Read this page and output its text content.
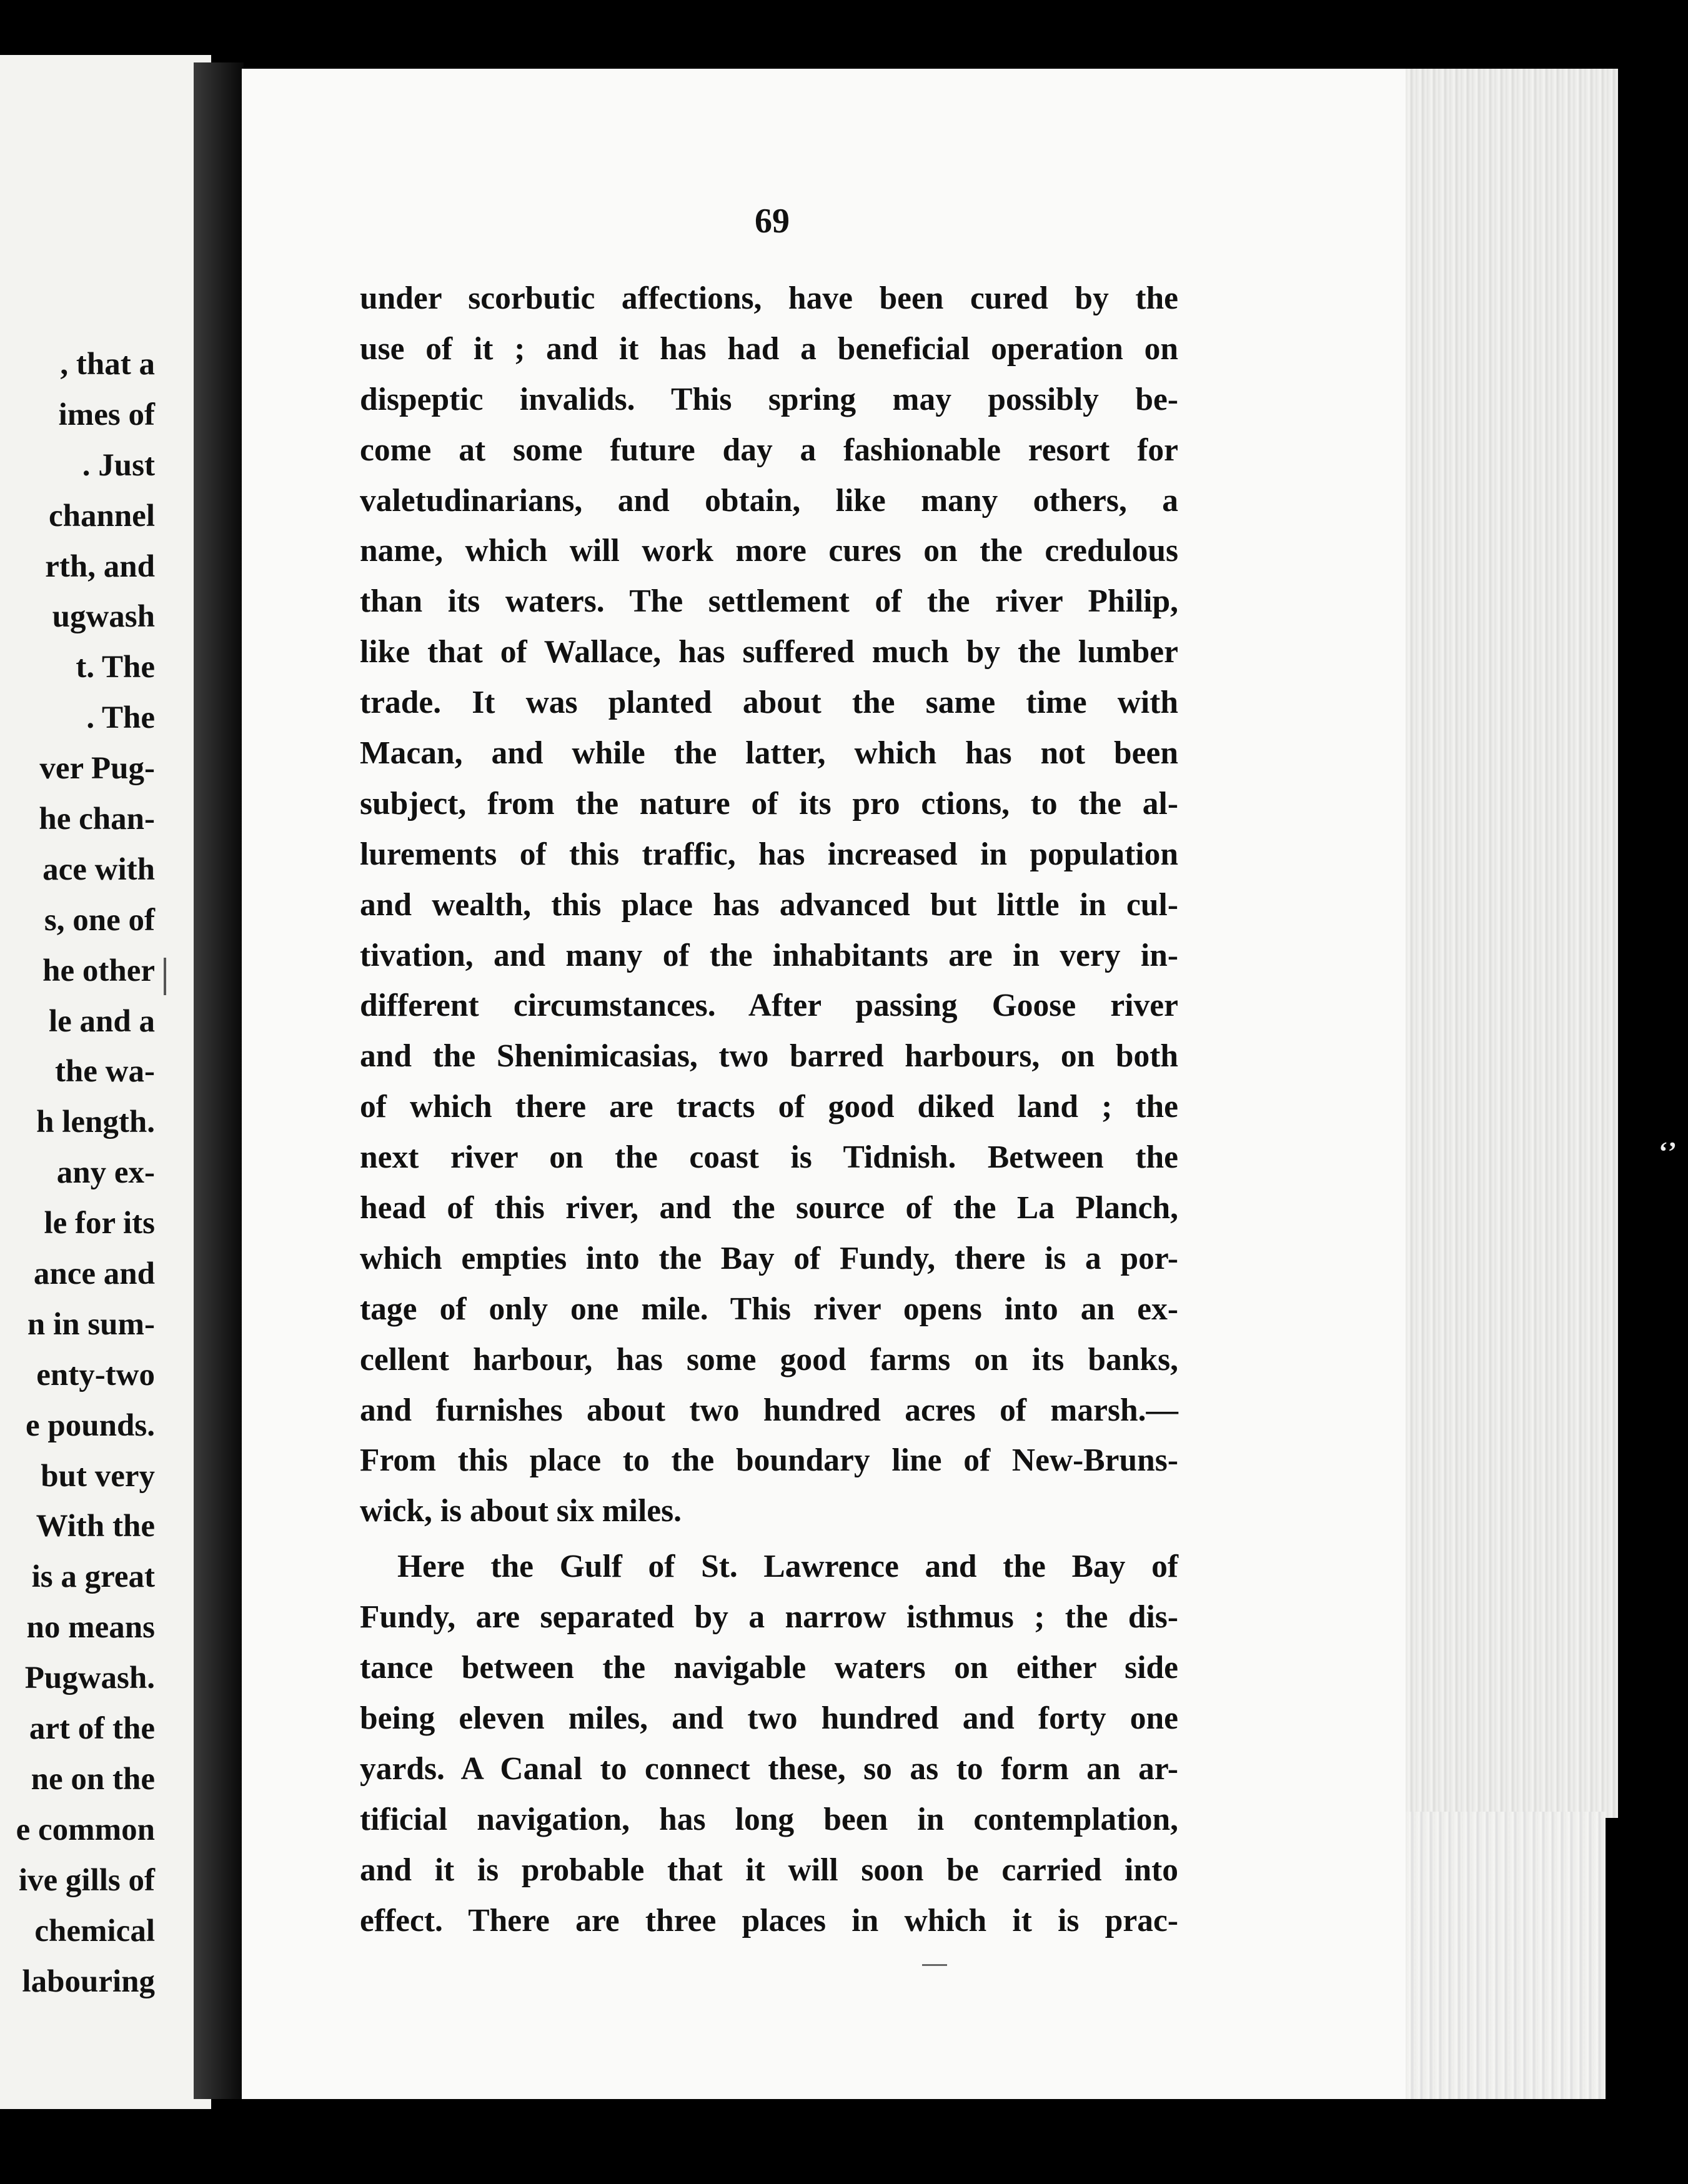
, that a
imes of
. Just
channel
rth, and
ugwash
t. The
. The
ver Pug-
he chan-
ace with
s, one of
he other
le and a
the wa-
h length.
any ex-
le for its
ance and
n in sum-
enty-two
e pounds.
but very
With the
is a great
no means
Pugwash.
art of the
ne on the
e common
ive gills of
chemical
labouring
69
under scorbutic affections, have been cured by the
use of it ; and it has had a beneficial operation on
dispeptic invalids. This spring may possibly be-
come at some future day a fashionable resort for
valetudinarians, and obtain, like many others, a
name, which will work more cures on the credulous
than its waters. The settlement of the river Philip,
like that of Wallace, has suffered much by the lumber
trade. It was planted about the same time with
Macan, and while the latter, which has not been
subject, from the nature of its pro ctions, to the al-
lurements of this traffic, has increased in population
and wealth, this place has advanced but little in cul-
tivation, and many of the inhabitants are in very in-
different circumstances. After passing Goose river
and the Shenimicasias, two barred harbours, on both
of which there are tracts of good diked land ; the
next river on the coast is Tidnish. Between the
head of this river, and the source of the La Planch,
which empties into the Bay of Fundy, there is a por-
tage of only one mile. This river opens into an ex-
cellent harbour, has some good farms on its banks,
and furnishes about two hundred acres of marsh.—
From this place to the boundary line of New-Bruns-
wick, is about six miles.
Here the Gulf of St. Lawrence and the Bay of
Fundy, are separated by a narrow isthmus ; the dis-
tance between the navigable waters on either side
being eleven miles, and two hundred and forty one
yards. A Canal to connect these, so as to form an ar-
tificial navigation, has long been in contemplation,
and it is probable that it will soon be carried into
effect. There are three places in which it is prac-
‘’
